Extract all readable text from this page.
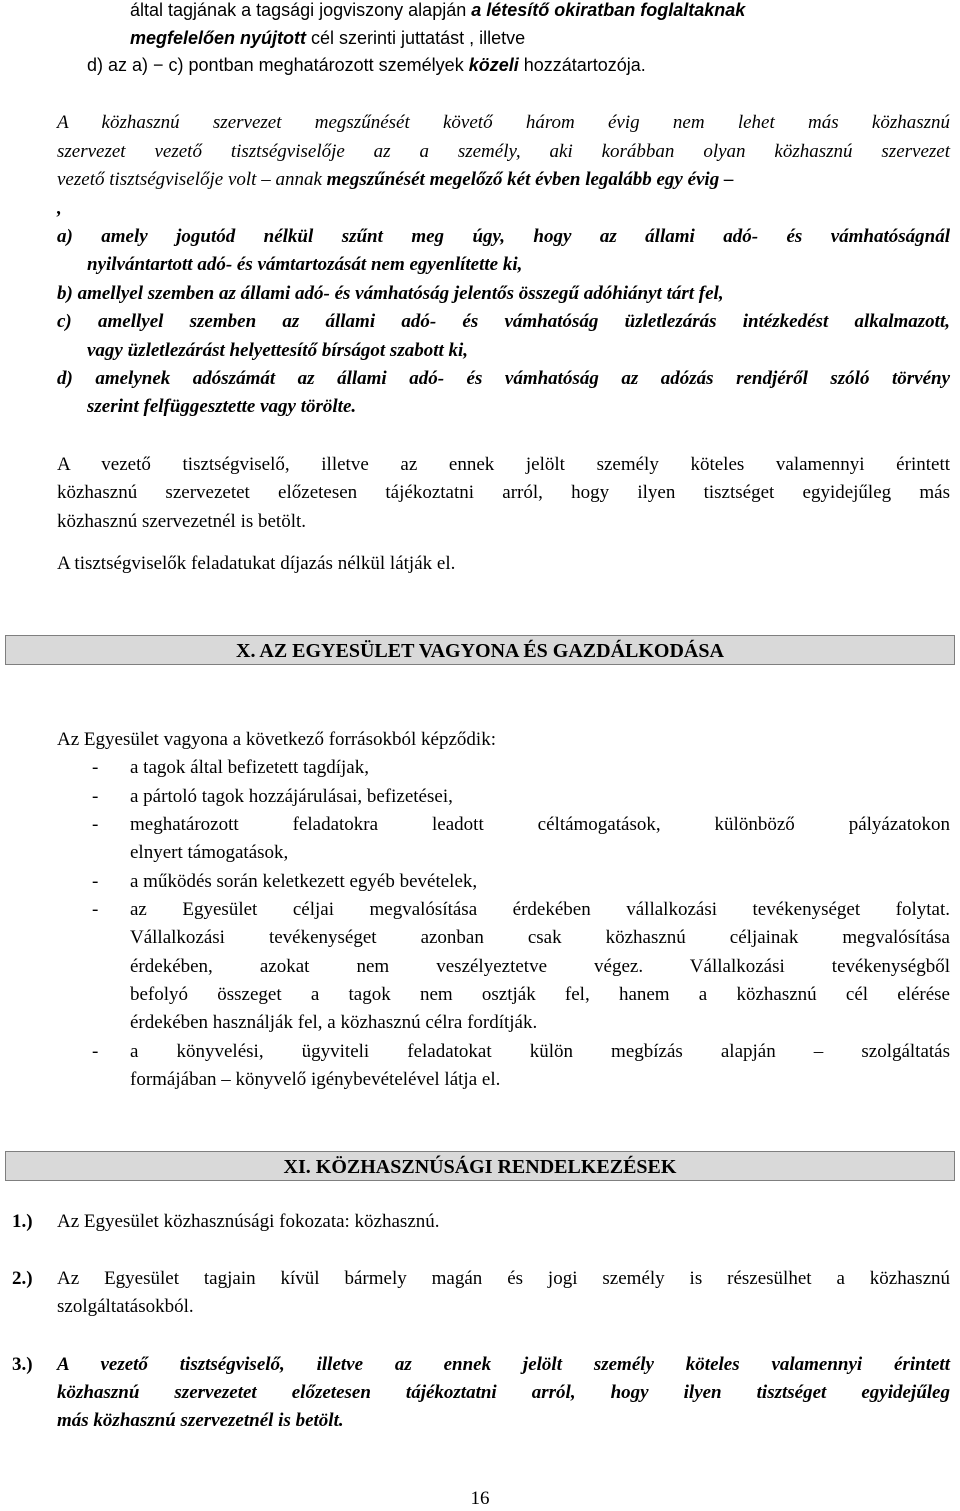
által tagjának a tagsági jogviszony alapján a létesítő okiratban foglaltaknak
megfelelően nyújtott cél szerinti juttatást , illetve
d) az a) − c) pontban meghatározott személyek közeli hozzátartozója.
A közhasznú szervezet megszűnését követő három évig nem lehet más közhasznú
szervezet vezető tisztségviselője az a személy, aki korábban olyan közhasznú szervezet
vezető tisztségviselője volt – annak megszűnését megelőző két évben legalább egy évig –
,
a) amely jogutód nélkül szűnt meg úgy, hogy az állami adó- és vámhatóságnál
nyilvántartott adó- és vámtartozását nem egyenlítette ki,
b) amellyel szemben az állami adó- és vámhatóság jelentős összegű adóhiányt tárt fel,
c) amellyel szemben az állami adó- és vámhatóság üzletlezárás intézkedést alkalmazott,
vagy üzletlezárást helyettesítő bírságot szabott ki,
d) amelynek adószámát az állami adó- és vámhatóság az adózás rendjéről szóló törvény
szerint felfüggesztette vagy törölte.
A vezető tisztségviselő, illetve az ennek jelölt személy köteles valamennyi érintett
közhasznú szervezetet előzetesen tájékoztatni arról, hogy ilyen tisztséget egyidejűleg más
közhasznú szervezetnél is betölt.
A tisztségviselők feladatukat díjazás nélkül látják el.
X. AZ EGYESÜLET VAGYONA ÉS GAZDÁLKODÁSA
Az Egyesület vagyona a következő forrásokból képződik:
- a tagok által befizetett tagdíjak,
- a pártoló tagok hozzájárulásai, befizetései,
- meghatározott feladatokra leadott céltámogatások, különböző pályázatokon
elnyert támogatások,
- a működés során keletkezett egyéb bevételek,
- az Egyesület céljai megvalósítása érdekében vállalkozási tevékenységet folytat.
Vállalkozási tevékenységet azonban csak közhasznú céljainak megvalósítása
érdekében, azokat nem veszélyeztetve végez. Vállalkozási tevékenységből
befolyó összeget a tagok nem osztják fel, hanem a közhasznú cél elérése
érdekében használják fel, a közhasznú célra fordítják.
- a könyvelési, ügyviteli feladatokat külön megbízás alapján – szolgáltatás
formájában – könyvelő igénybevételével látja el.
XI. KÖZHASZNÚSÁGI RENDELKEZÉSEK
1.) Az Egyesület közhasznúsági fokozata: közhasznú.
2.) Az Egyesület tagjain kívül bármely magán és jogi személy is részesülhet a közhasznú
szolgáltatásokból.
3.) A vezető tisztségviselő, illetve az ennek jelölt személy köteles valamennyi érintett
közhasznú szervezetet előzetesen tájékoztatni arról, hogy ilyen tisztséget egyidejűleg
más közhasznú szervezetnél is betölt.
16
